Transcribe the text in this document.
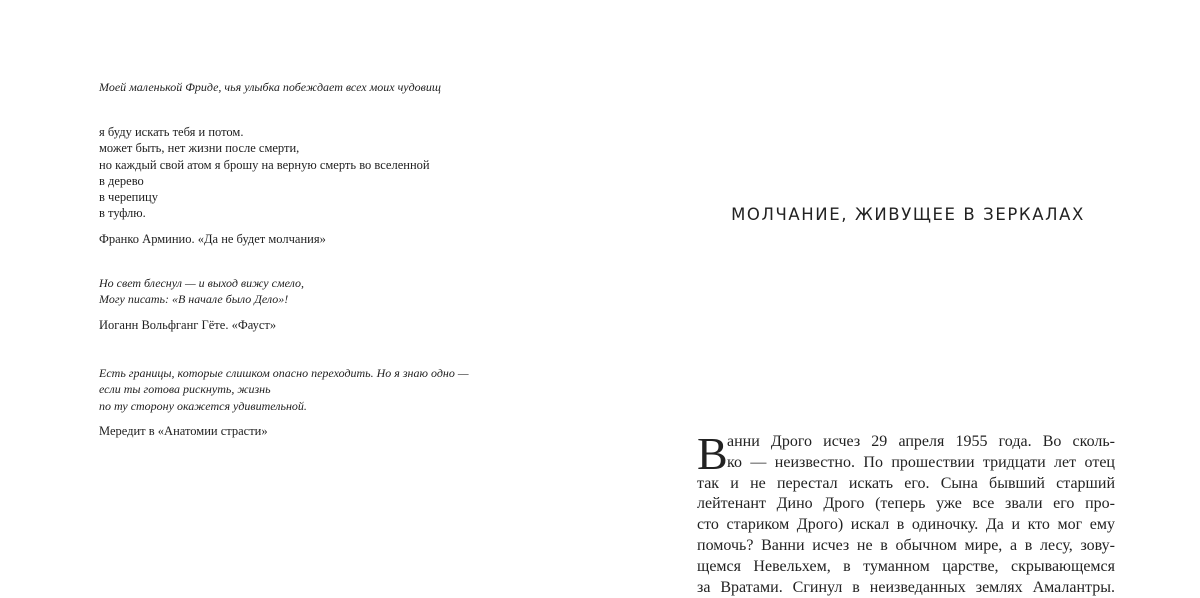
Моей маленькой Фриде, чья улыбка побеждает всех моих чудовищ
я буду искать тебя и потом.
может быть, нет жизни после смерти,
но каждый свой атом я брошу на верную смерть во вселенной
в дерево
в черепицу
в туфлю.
Франко Арминио. «Да не будет молчания»
Но свет блеснул — и выход вижу смело,
Могу писать: «В начале было Дело»!
Иоганн Вольфганг Гёте. «Фауст»
Есть границы, которые слишком опасно переходить. Но я знаю одно —
если ты готова рискнуть, жизнь
по ту сторону окажется удивительной.
Мередит в «Анатомии страсти»
МОЛЧАНИЕ, ЖИВУЩЕЕ В ЗЕРКАЛАХ
В анни Дрого исчез 29 апреля 1955 года. Во сколь-
ко — неизвестно. По прошествии тридцати лет отец
так и не перестал искать его. Сына бывший старший
лейтенант Дино Дрого (теперь уже все звали его про-
сто стариком Дрого) искал в одиночку. Да и кто мог ему
помочь? Ванни исчез не в обычном мире, а в лесу, зову-
щемся Невельхем, в туманном царстве, скрывающемся
за Вратами. Сгинул в неизведанных землях Амалантры.
